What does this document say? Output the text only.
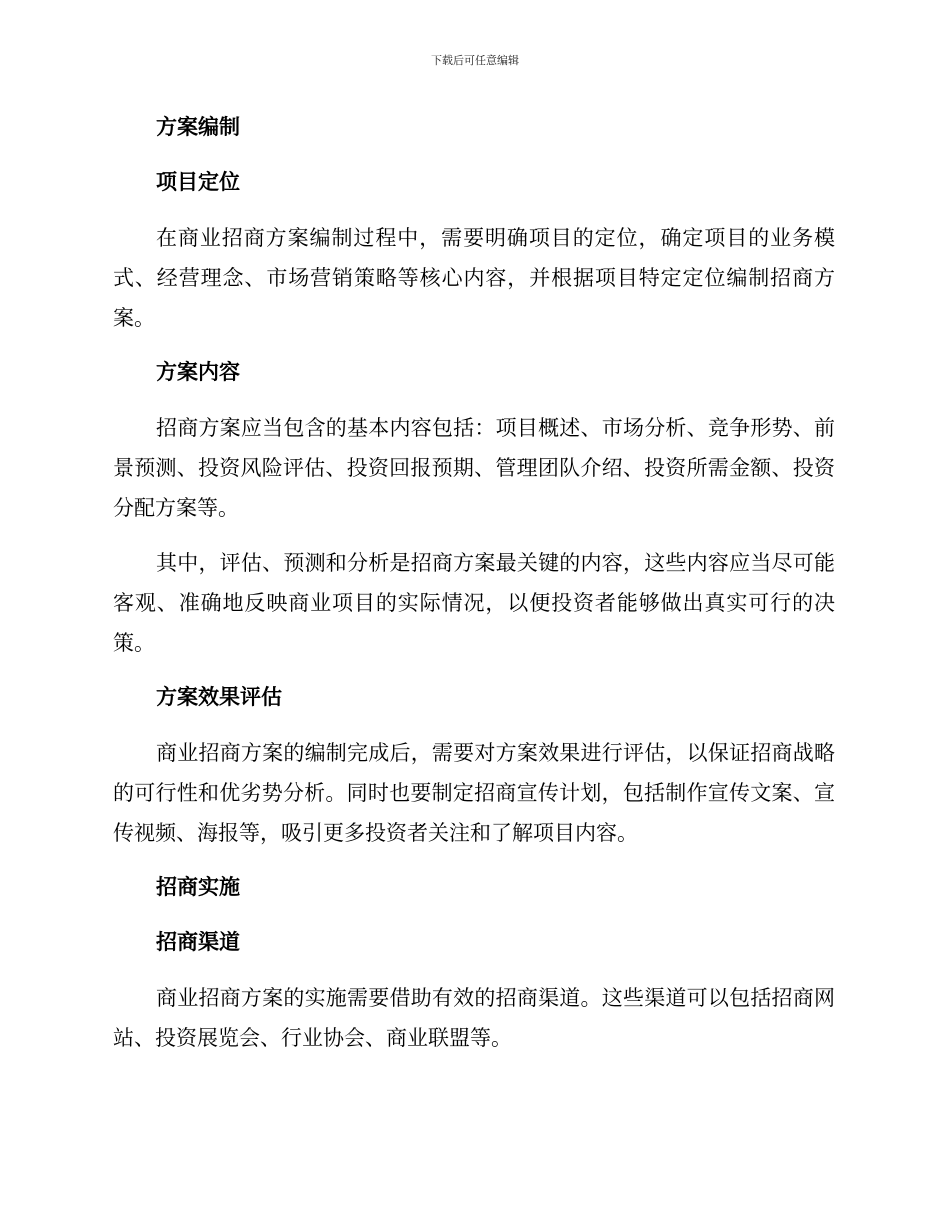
下载后可任意编辑
方案编制
项目定位

在商业招商方案编制过程中，需要明确项目的定位，确定项目的业务模式、经营理念、市场营销策略等核心内容，并根据项目特定定位编制招商方案。

方案内容

招商方案应当包含的基本内容包括：项目概述、市场分析、竞争形势、前景预测、投资风险评估、投资回报预期、管理团队介绍、投资所需金额、投资分配方案等。

其中，评估、预测和分析是招商方案最关键的内容，这些内容应当尽可能客观、准确地反映商业项目的实际情况，以便投资者能够做出真实可行的决策。

方案效果评估

商业招商方案的编制完成后，需要对方案效果进行评估，以保证招商战略的可行性和优劣势分析。同时也要制定招商宣传计划，包括制作宣传文案、宣传视频、海报等，吸引更多投资者关注和了解项目内容。

招商实施
招商渠道

商业招商方案的实施需要借助有效的招商渠道。这些渠道可以包括招商网站、投资展览会、行业协会、商业联盟等。
